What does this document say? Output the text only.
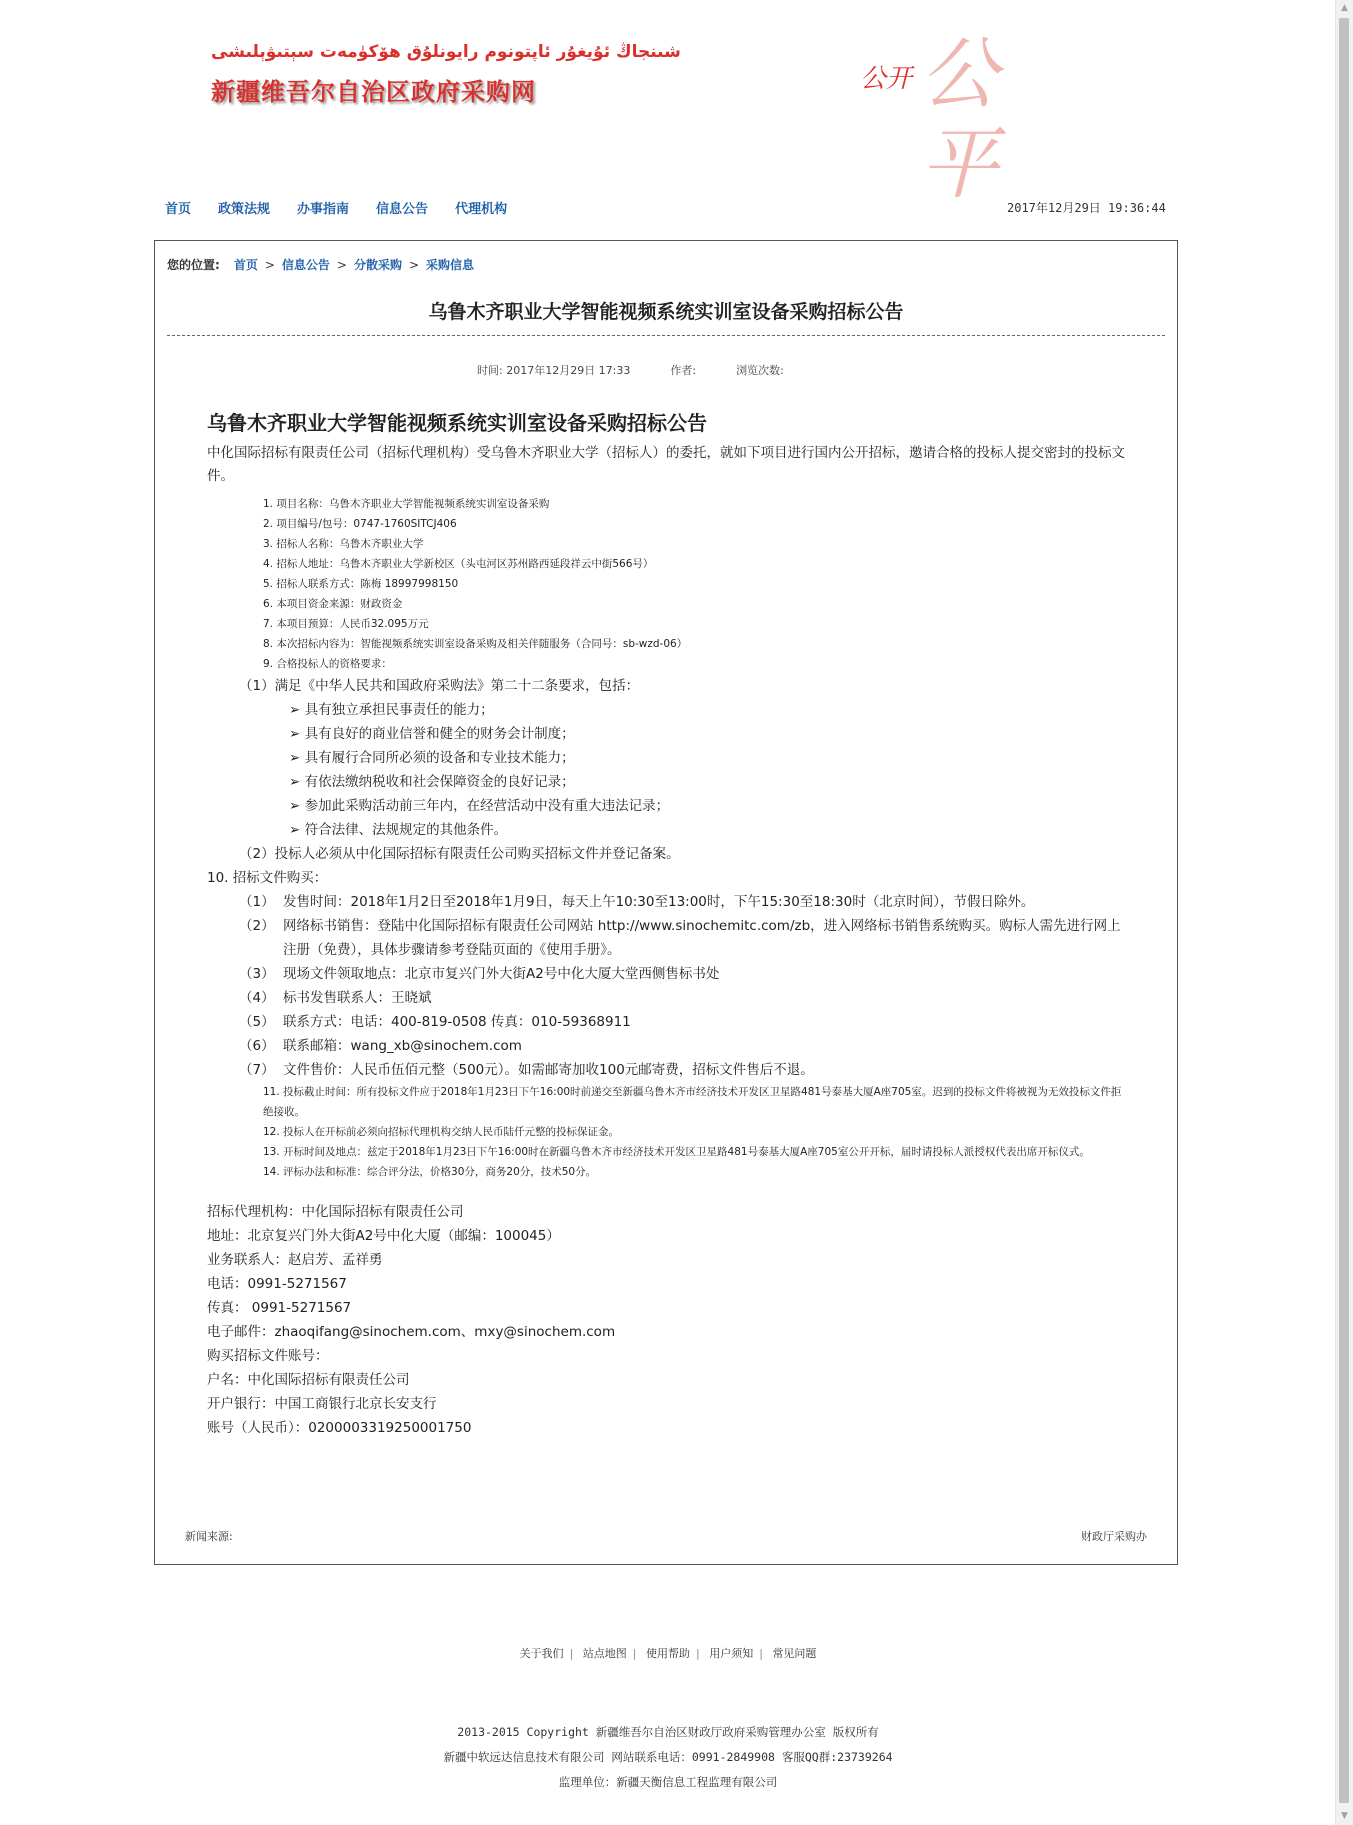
شىنجاڭ ئۇيغۇر ئاپتونوم رايونلۇق ھۆكۈمەت سېتىۋېلىشى
新疆维吾尔自治区政府采购网	公平
公开
首页 政策法规 办事指南 信息公告 代理机构	2017年12月29日 19:36:44
您的位置: 首页 > 信息公告 > 分散采购 > 采购信息
乌鲁木齐职业大学智能视频系统实训室设备采购招标公告
时间: 2017年12月29日 17:33	作者:	浏览次数:
乌鲁木齐职业大学智能视频系统实训室设备采购招标公告
中化国际招标有限责任公司（招标代理机构）受乌鲁木齐职业大学（招标人）的委托，就如下项目进行国内公开招标，邀请合格的投标人提交密封的投标文件。
1. 项目名称：乌鲁木齐职业大学智能视频系统实训室设备采购
2. 项目编号/包号：0747-1760SITCJ406
3. 招标人名称：乌鲁木齐职业大学
4. 招标人地址：乌鲁木齐职业大学新校区（头屯河区苏州路西延段祥云中街566号）
5. 招标人联系方式：陈梅 18997998150
6. 本项目资金来源：财政资金
7. 本项目预算：人民币32.095万元
8. 本次招标内容为：智能视频系统实训室设备采购及相关伴随服务（合同号：sb-wzd-06）
9. 合格投标人的资格要求：
（1）满足《中华人民共和国政府采购法》第二十二条要求，包括：
➢ 具有独立承担民事责任的能力；
➢ 具有良好的商业信誉和健全的财务会计制度；
➢ 具有履行合同所必须的设备和专业技术能力；
➢ 有依法缴纳税收和社会保障资金的良好记录；
➢ 参加此采购活动前三年内，在经营活动中没有重大违法记录；
➢ 符合法律、法规规定的其他条件。
（2）投标人必须从中化国际招标有限责任公司购买招标文件并登记备案。
10. 招标文件购买：
（1） 发售时间：2018年1月2日至2018年1月9日，每天上午10:30至13:00时，下午15:30至18:30时（北京时间），节假日除外。
（2） 网络标书销售：登陆中化国际招标有限责任公司网站 http://www.sinochemitc.com/zb，进入网络标书销售系统购买。购标人需先进行网上注册（免费），具体步骤请参考登陆页面的《使用手册》。
（3） 现场文件领取地点：北京市复兴门外大街A2号中化大厦大堂西侧售标书处
（4） 标书发售联系人：王晓斌
（5） 联系方式：电话：400-819-0508 传真：010-59368911
（6） 联系邮箱：wang_xb@sinochem.com
（7） 文件售价：人民币伍佰元整（500元）。如需邮寄加收100元邮寄费，招标文件售后不退。
11. 投标截止时间：所有投标文件应于2018年1月23日下午16:00时前递交至新疆乌鲁木齐市经济技术开发区卫星路481号泰基大厦A座705室。迟到的投标文件将被视为无效投标文件拒绝接收。
12. 投标人在开标前必须向招标代理机构交纳人民币陆仟元整的投标保证金。
13. 开标时间及地点：兹定于2018年1月23日下午16:00时在新疆乌鲁木齐市经济技术开发区卫星路481号泰基大厦A座705室公开开标，届时请投标人派授权代表出席开标仪式。
14. 评标办法和标准：综合评分法，价格30分，商务20分，技术50分。
招标代理机构：中化国际招标有限责任公司
地址：北京复兴门外大街A2号中化大厦（邮编：100045）
业务联系人：赵启芳、孟祥勇
电话：0991-5271567
传真： 0991-5271567
电子邮件：zhaoqifang@sinochem.com、mxy@sinochem.com
购买招标文件账号：
户名：中化国际招标有限责任公司
开户银行：中国工商银行北京长安支行
账号（人民币）：0200003319250001750
新闻来源:	财政厅采购办
关于我们 | 站点地图 | 使用帮助 | 用户须知 | 常见问题
2013-2015 Copyright 新疆维吾尔自治区财政厅政府采购管理办公室 版权所有
新疆中软远达信息技术有限公司 网站联系电话：0991-2849908 客服QQ群:23739264
监理单位：新疆天衡信息工程监理有限公司
▲
▼
